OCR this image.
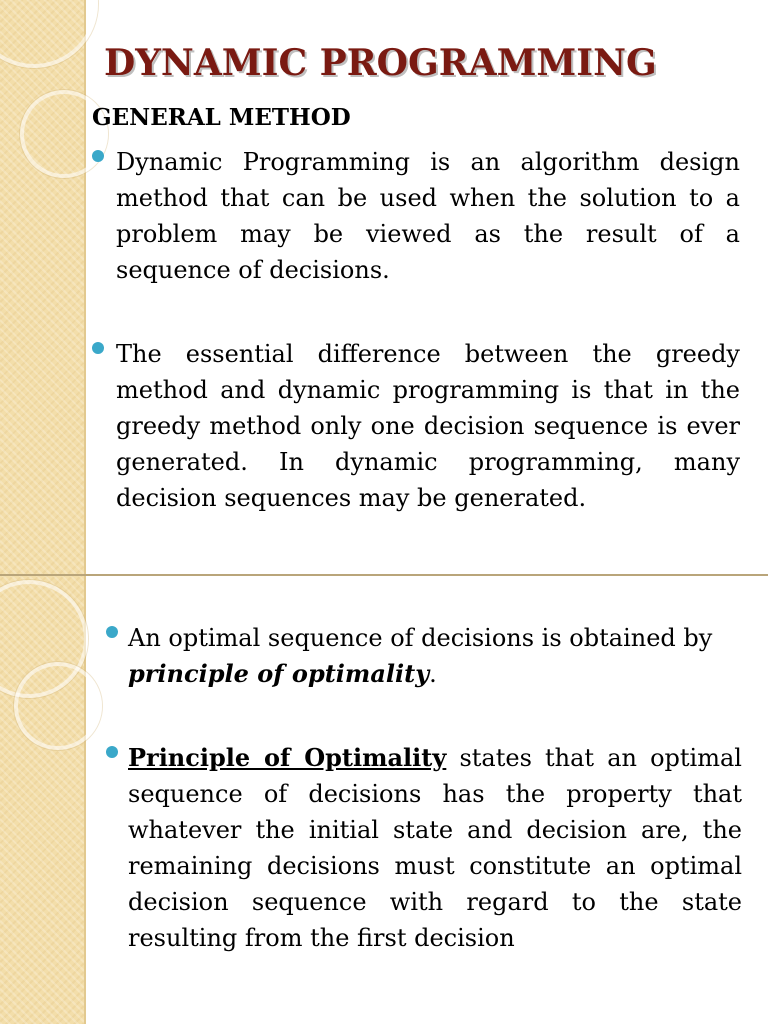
DYNAMIC PROGRAMMING
GENERAL METHOD

Dynamic Programming is an algorithm design method that can be used when the solution to a problem may be viewed as the result of a sequence of decisions.

The essential difference between the greedy method and dynamic programming is that in the greedy method only one decision sequence is ever generated. In dynamic programming, many decision sequences may be generated.

An optimal sequence of decisions is obtained by principle of optimality.

Principle of Optimality states that an optimal sequence of decisions has the property that whatever the initial state and decision are, the remaining decisions must constitute an optimal decision sequence with regard to the state resulting from the first decision
